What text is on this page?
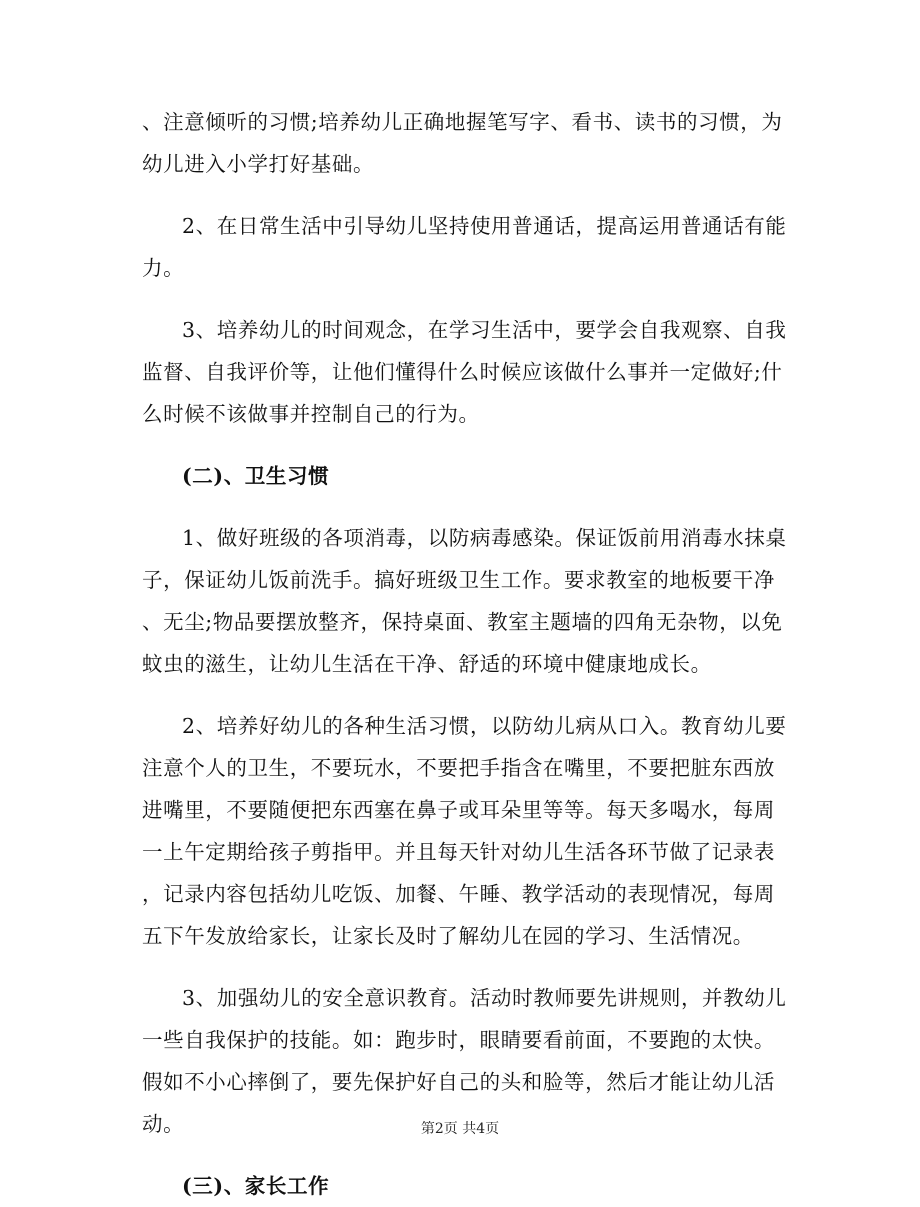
、注意倾听的习惯;培养幼儿正确地握笔写字、看书、读书的习惯，为
幼儿进入小学打好基础。
2、在日常生活中引导幼儿坚持使用普通话，提高运用普通话有能
力。
3、培养幼儿的时间观念，在学习生活中，要学会自我观察、自我
监督、自我评价等，让他们懂得什么时候应该做什么事并一定做好;什
么时候不该做事并控制自己的行为。
(二)、卫生习惯
1、做好班级的各项消毒，以防病毒感染。保证饭前用消毒水抹桌
子，保证幼儿饭前洗手。搞好班级卫生工作。要求教室的地板要干净
、无尘;物品要摆放整齐，保持桌面、教室主题墙的四角无杂物，以免
蚊虫的滋生，让幼儿生活在干净、舒适的环境中健康地成长。
2、培养好幼儿的各种生活习惯，以防幼儿病从口入。教育幼儿要
注意个人的卫生，不要玩水，不要把手指含在嘴里，不要把脏东西放
进嘴里，不要随便把东西塞在鼻子或耳朵里等等。每天多喝水，每周
一上午定期给孩子剪指甲。并且每天针对幼儿生活各环节做了记录表
，记录内容包括幼儿吃饭、加餐、午睡、教学活动的表现情况，每周
五下午发放给家长，让家长及时了解幼儿在园的学习、生活情况。
3、加强幼儿的安全意识教育。活动时教师要先讲规则，并教幼儿
一些自我保护的技能。如：跑步时，眼睛要看前面，不要跑的太快。
假如不小心摔倒了，要先保护好自己的头和脸等，然后才能让幼儿活
动。
(三)、家长工作
第2页 共4页
